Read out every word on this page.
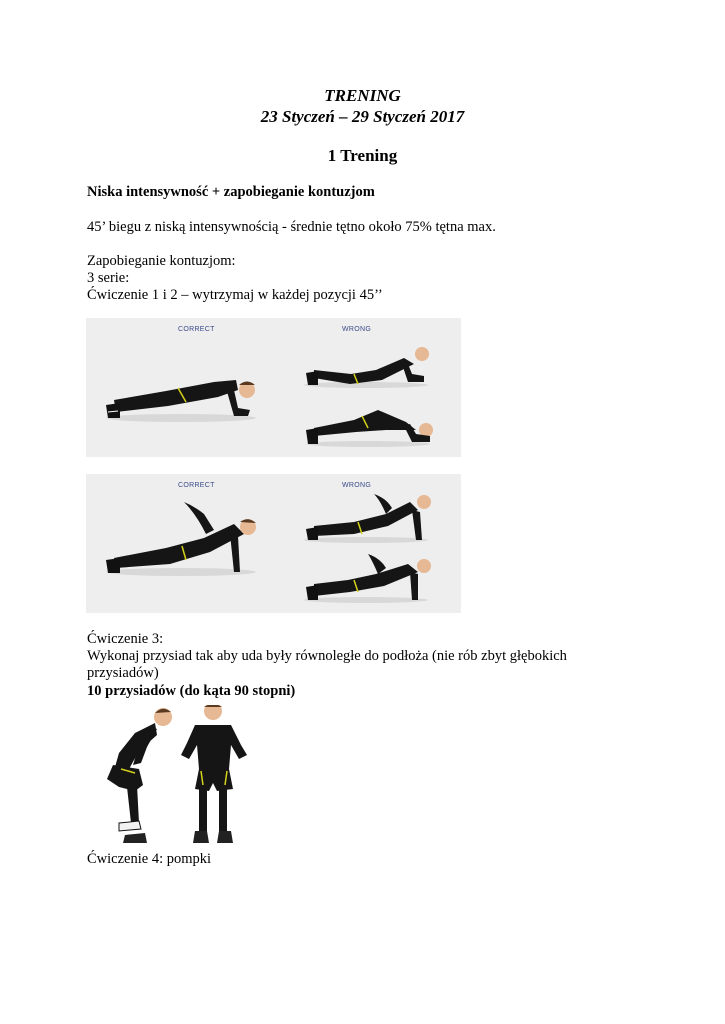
TRENING
23 Styczeń – 29 Styczeń 2017
1 Trening
Niska intensywność + zapobieganie kontuzjom
45’ biegu z niską intensywnością - średnie tętno około 75% tętna max.
Zapobieganie kontuzjom:
3 serie:
Ćwiczenie 1 i 2 – wytrzymaj w każdej pozycji 45’’
CORRECT	WRONG
CORRECT	WRONG
Ćwiczenie 3:
Wykonaj przysiad tak aby uda były równoległe do podłoża (nie rób zbyt głębokich
przysiadów)
10 przysiadów (do kąta 90 stopni)
Ćwiczenie 4: pompki
